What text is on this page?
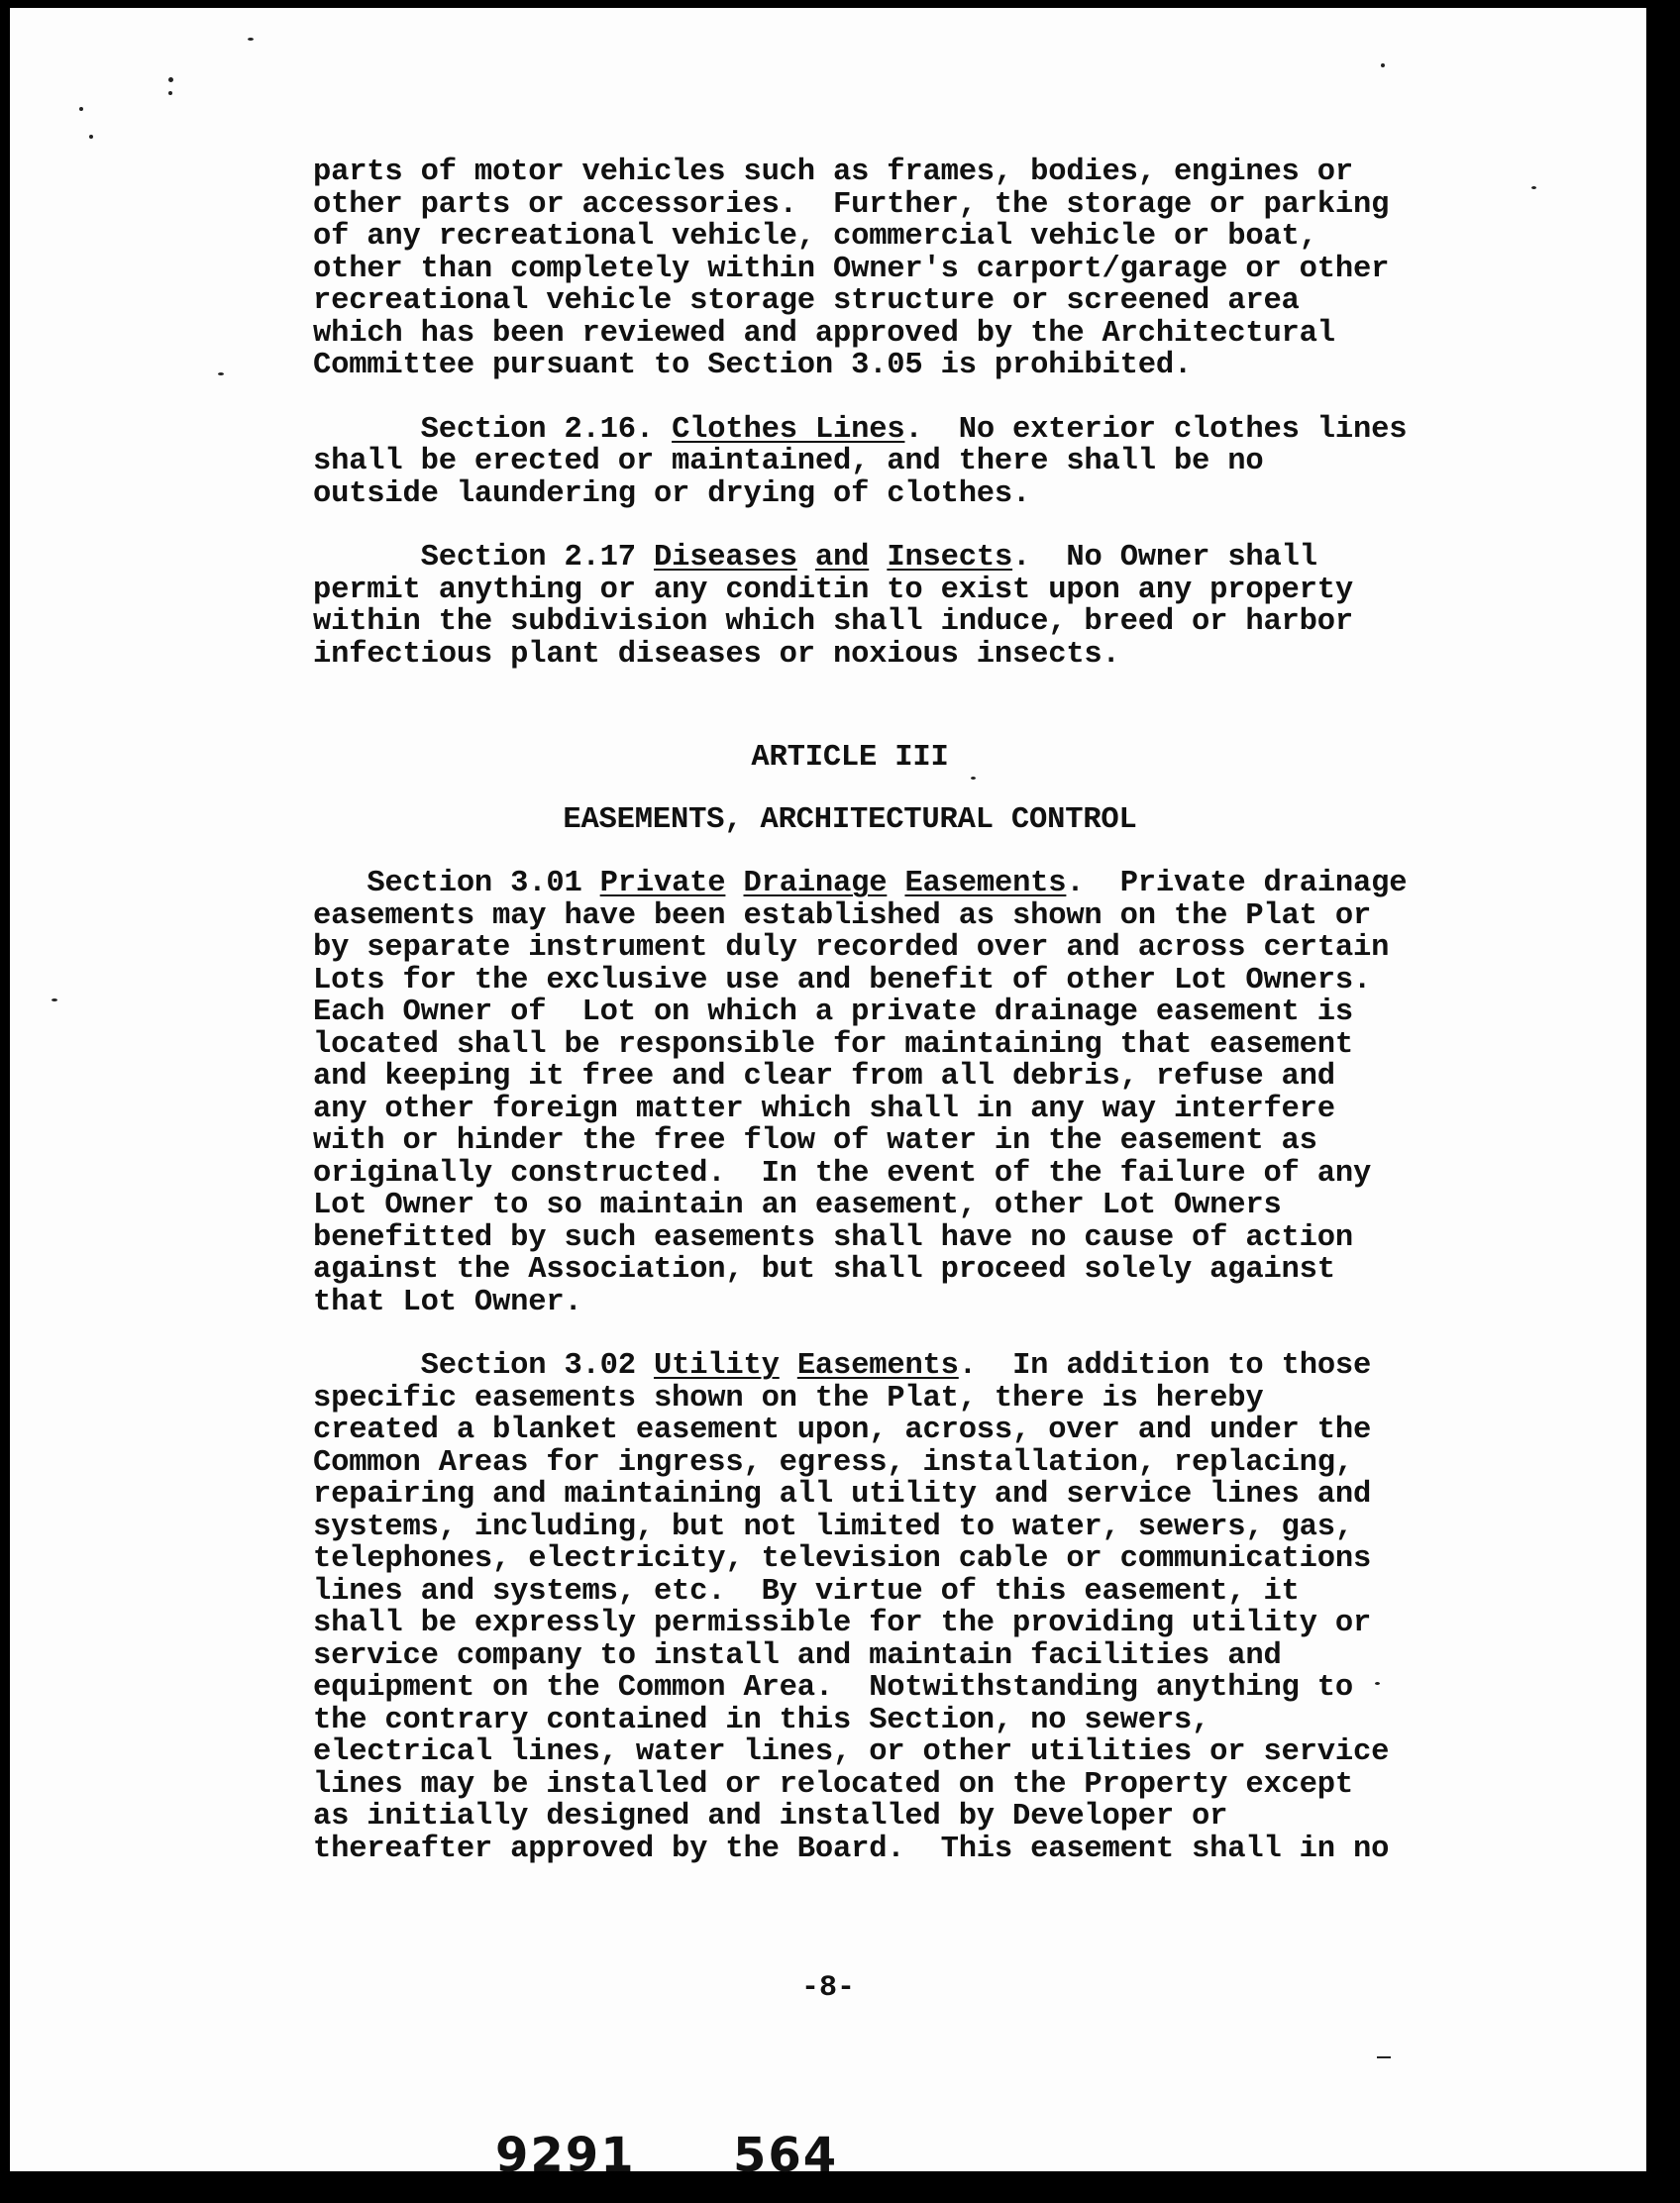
parts of motor vehicles such as frames, bodies, engines or

other parts or accessories.  Further, the storage or parking

of any recreational vehicle, commercial vehicle or boat,

other than completely within Owner's carport/garage or other

recreational vehicle storage structure or screened area

which has been reviewed and approved by the Architectural

Committee pursuant to Section 3.05 is prohibited.

Section 2.16. Clothes Lines.  No exterior clothes lines

shall be erected or maintained, and there shall be no

outside laundering or drying of clothes.

Section 2.17 Diseases and Insects.  No Owner shall

permit anything or any conditin to exist upon any property

within the subdivision which shall induce, breed or harbor

infectious plant diseases or noxious insects.

ARTICLE III

EASEMENTS, ARCHITECTURAL CONTROL

Section 3.01 Private Drainage Easements.  Private drainage

easements may have been established as shown on the Plat or

by separate instrument duly recorded over and across certain

Lots for the exclusive use and benefit of other Lot Owners.

Each Owner of  Lot on which a private drainage easement is

located shall be responsible for maintaining that easement

and keeping it free and clear from all debris, refuse and

any other foreign matter which shall in any way interfere

with or hinder the free flow of water in the easement as

originally constructed.  In the event of the failure of any

Lot Owner to so maintain an easement, other Lot Owners

benefitted by such easements shall have no cause of action

against the Association, but shall proceed solely against

that Lot Owner.

Section 3.02 Utility Easements.  In addition to those

specific easements shown on the Plat, there is hereby

created a blanket easement upon, across, over and under the

Common Areas for ingress, egress, installation, replacing,

repairing and maintaining all utility and service lines and

systems, including, but not limited to water, sewers, gas,

telephones, electricity, television cable or communications

lines and systems, etc.  By virtue of this easement, it

shall be expressly permissible for the providing utility or

service company to install and maintain facilities and

equipment on the Common Area.  Notwithstanding anything to

the contrary contained in this Section, no sewers,

electrical lines, water lines, or other utilities or service

lines may be installed or relocated on the Property except

as initially designed and installed by Developer or

thereafter approved by the Board.  This easement shall in no

-8-
9291 564
